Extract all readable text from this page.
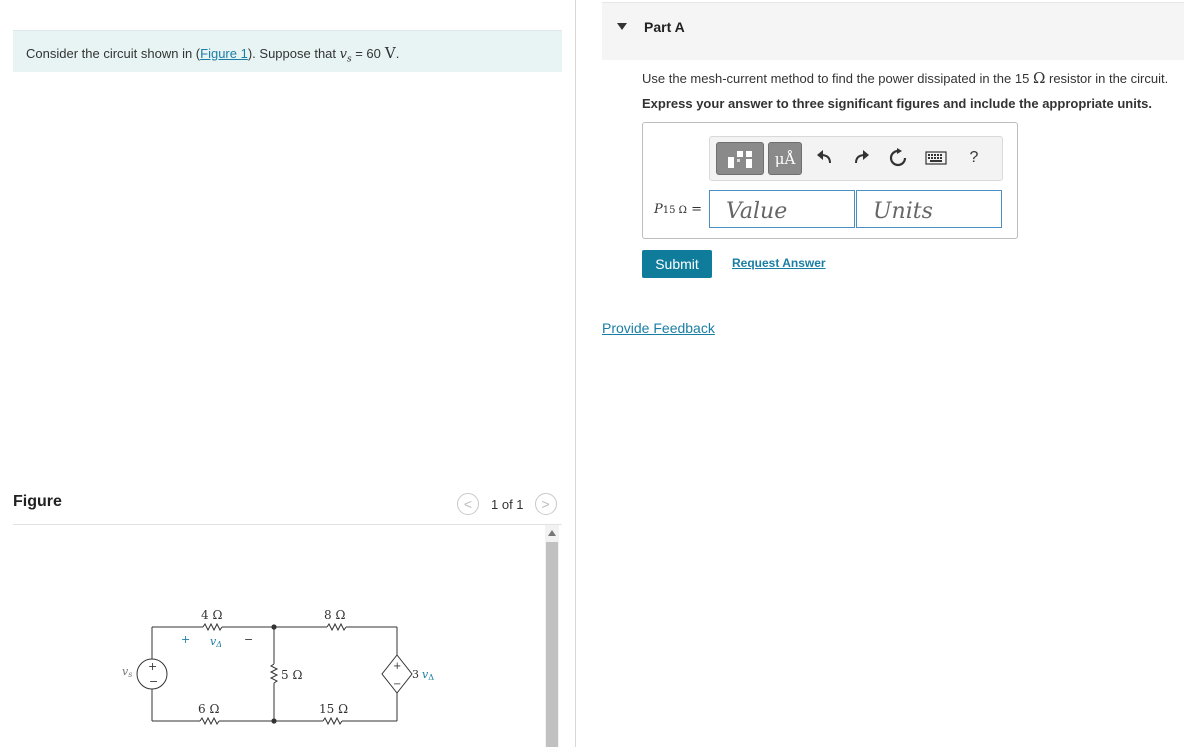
Consider the circuit shown in (Figure 1). Suppose that $v_s = 60$ V.
Figure	< 1 of 1 >
4 Ω	8 Ω
6 Ω	15 Ω
5 Ω
+
−
vs
+	−
vΔ
+
−
3 vΔ
Part A
Use the mesh-current method to find the power dissipated in the 15 Ω resistor in the circuit.
Express your answer to three significant figures and include the appropriate units.
μÅ	?
P15 Ω =
Value
Units
Submit	Request Answer
Provide Feedback
